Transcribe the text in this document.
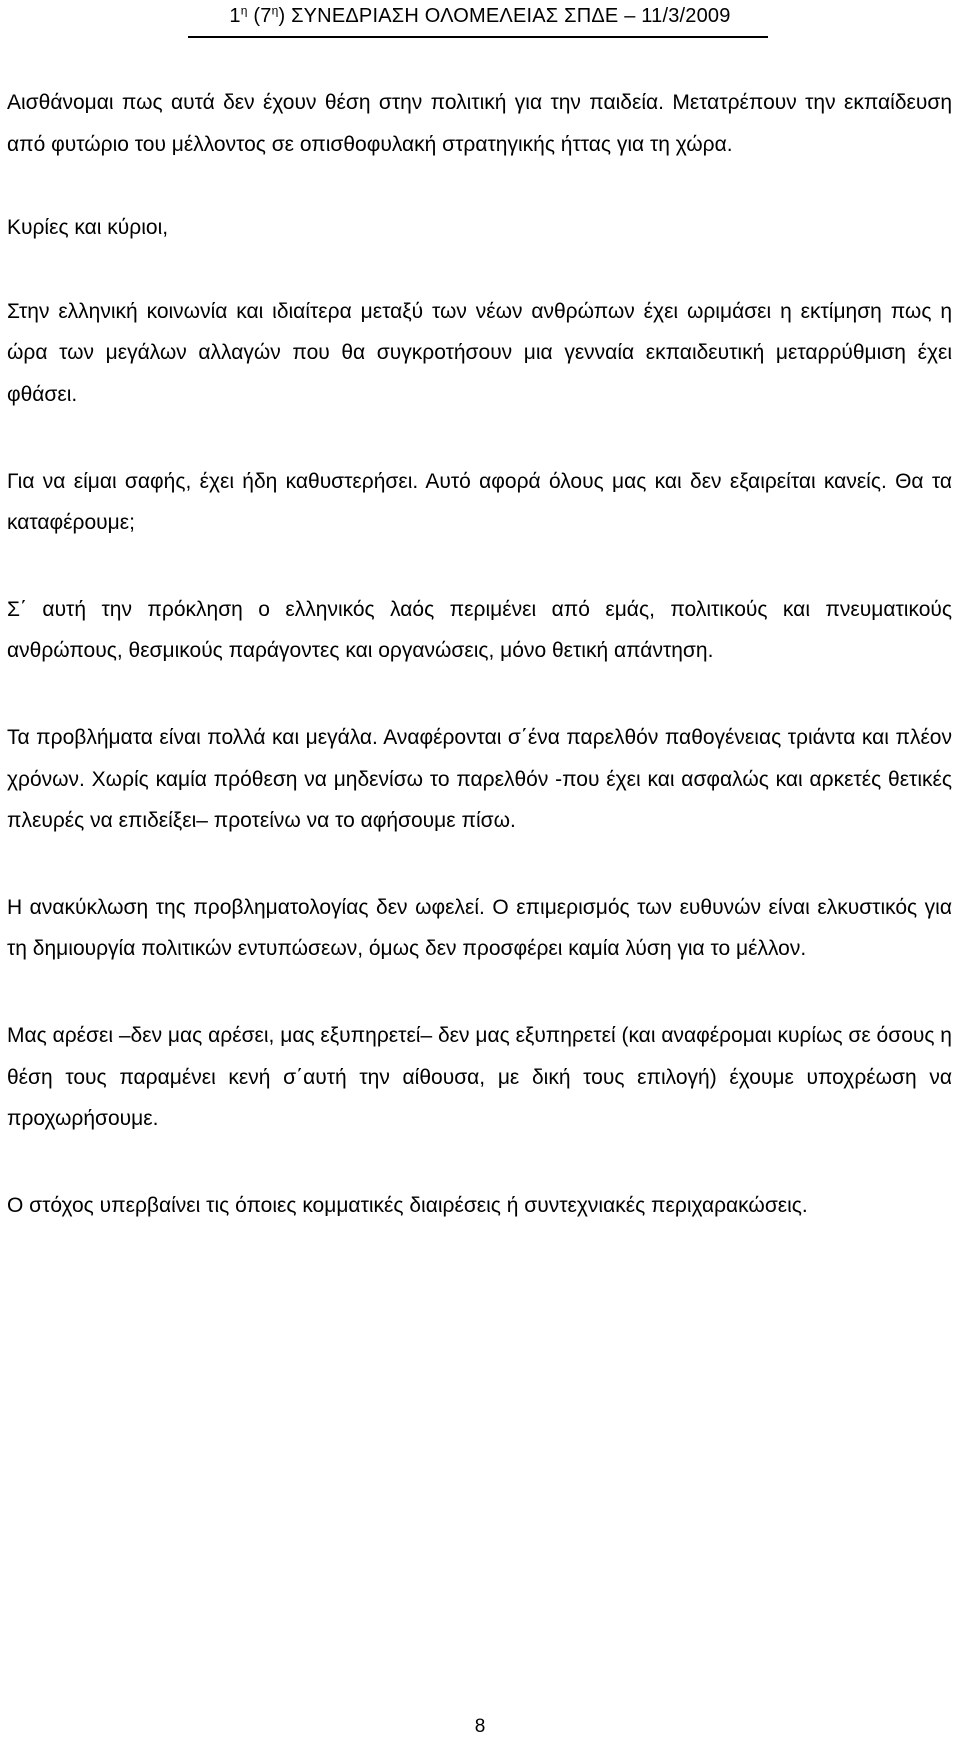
$1^\eta$ $(7^\eta)$ ΣΥΝΕΔΡΙΑΣΗ ΟΛΟΜΕΛΕΙΑΣ ΣΠΔΕ – 11/3/2009

Αισθάνομαι πως αυτά δεν έχουν θέση στην πολιτική για την παιδεία. Μετατρέπουν την εκπαίδευση από φυτώριο του μέλλοντος σε οπισθοφυλακή στρατηγικής ήττας για τη χώρα.

Κυρίες και κύριοι,

Στην ελληνική κοινωνία και ιδιαίτερα μεταξύ των νέων ανθρώπων έχει ωριμάσει η εκτίμηση πως η ώρα των μεγάλων αλλαγών που θα συγκροτήσουν μια γενναία εκπαιδευτική μεταρρύθμιση έχει φθάσει.

Για να είμαι σαφής, έχει ήδη καθυστερήσει. Αυτό αφορά όλους μας και δεν εξαιρείται κανείς. Θα τα καταφέρουμε;

Σ΄ αυτή την πρόκληση ο ελληνικός λαός περιμένει από εμάς, πολιτικούς και πνευματικούς ανθρώπους, θεσμικούς παράγοντες και οργανώσεις, μόνο θετική απάντηση.

Τα προβλήματα είναι πολλά και μεγάλα. Αναφέρονται σ΄ένα παρελθόν παθογένειας τριάντα και πλέον χρόνων. Χωρίς καμία πρόθεση να μηδενίσω το παρελθόν -που έχει και ασφαλώς και αρκετές θετικές πλευρές να επιδείξει– προτείνω να το αφήσουμε πίσω.

Η ανακύκλωση της προβληματολογίας δεν ωφελεί. Ο επιμερισμός των ευθυνών είναι ελκυστικός για τη δημιουργία πολιτικών εντυπώσεων, όμως δεν προσφέρει καμία λύση για το μέλλον.

Μας αρέσει –δεν μας αρέσει, μας εξυπηρετεί– δεν μας εξυπηρετεί (και αναφέρομαι κυρίως σε όσους η θέση τους παραμένει κενή σ΄αυτή την αίθουσα, με δική τους επιλογή) έχουμε υποχρέωση να προχωρήσουμε.

Ο στόχος υπερβαίνει τις όποιες κομματικές διαιρέσεις ή συντεχνιακές περιχαρακώσεις.

8
